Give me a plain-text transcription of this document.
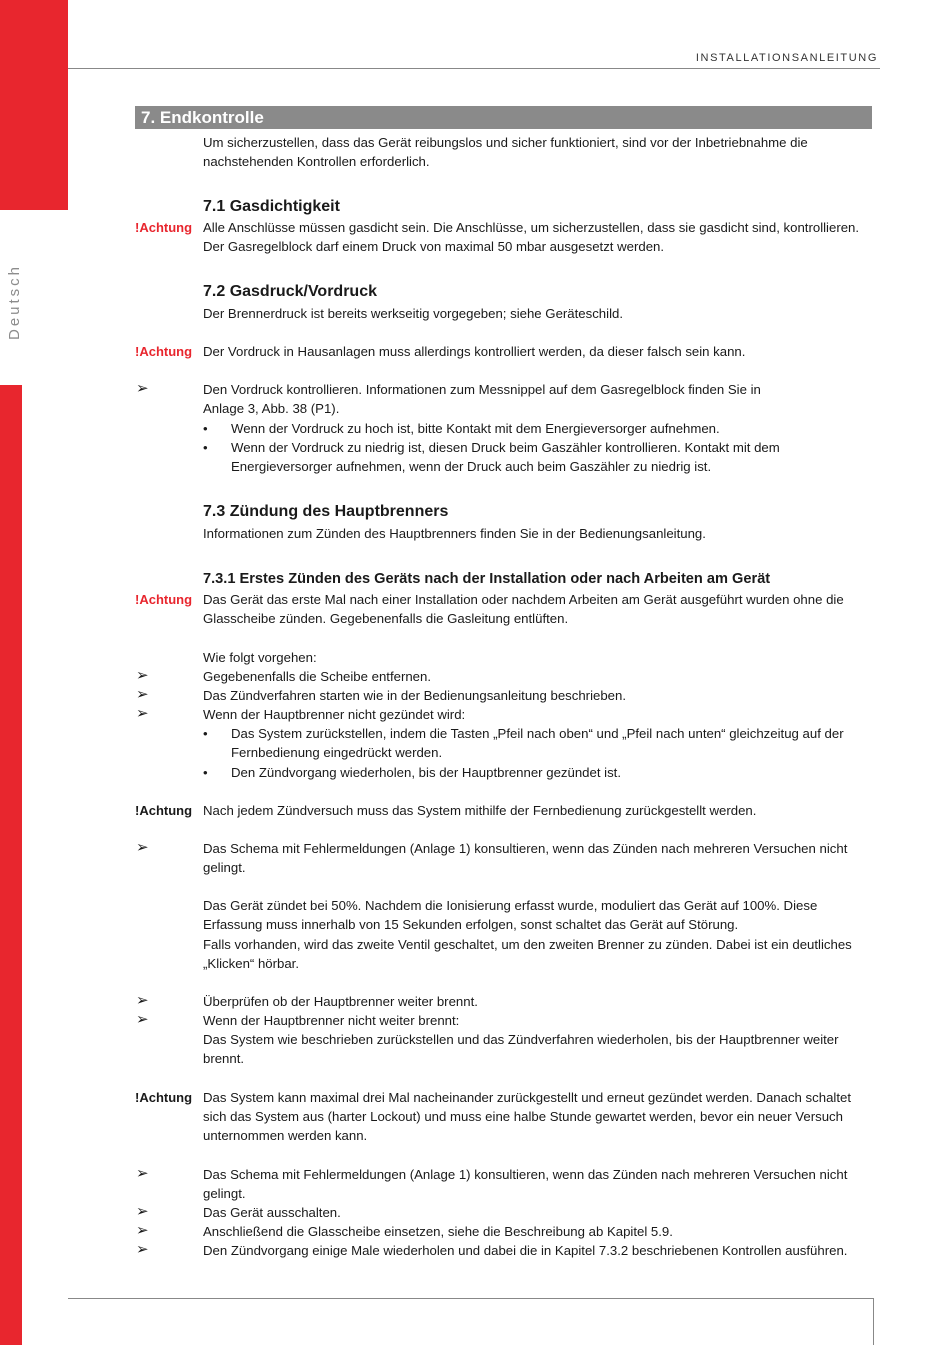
Deutsch
INSTALLATIONSANLEITUNG
7. Endkontrolle
Um sicherzustellen, dass das Gerät reibungslos und sicher funktioniert, sind vor der Inbetriebnahme die nachstehenden Kontrollen erforderlich.
7.1 Gasdichtigkeit
!Achtung Alle Anschlüsse müssen gasdicht sein. Die Anschlüsse, um sicherzustellen, dass sie gasdicht sind, kontrollieren. Der Gasregelblock darf einem Druck von maximal 50 mbar ausgesetzt werden.
7.2 Gasdruck/Vordruck
Der Brennerdruck ist bereits werkseitig vorgegeben; siehe Geräteschild.
!Achtung Der Vordruck in Hausanlagen muss allerdings kontrolliert werden, da dieser falsch sein kann.
➢	Den Vordruck kontrollieren. Informationen zum Messnippel auf dem Gasregelblock finden Sie in Anlage 3, Abb. 38 (P1).
• Wenn der Vordruck zu hoch ist, bitte Kontakt mit dem Energieversorger aufnehmen.
• Wenn der Vordruck zu niedrig ist, diesen Druck beim Gaszähler kontrollieren. Kontakt mit dem Energieversorger aufnehmen, wenn der Druck auch beim Gaszähler zu niedrig ist.
7.3 Zündung des Hauptbrenners
Informationen zum Zünden des Hauptbrenners finden Sie in der Bedienungsanleitung.
7.3.1 Erstes Zünden des Geräts nach der Installation oder nach Arbeiten am Gerät
!Achtung Das Gerät das erste Mal nach einer Installation oder nachdem Arbeiten am Gerät ausgeführt wurden ohne die Glasscheibe zünden. Gegebenenfalls die Gasleitung entlüften.
Wie folgt vorgehen:
➢	Gegebenenfalls die Scheibe entfernen.
➢	Das Zündverfahren starten wie in der Bedienungsanleitung beschrieben.
➢	Wenn der Hauptbrenner nicht gezündet wird:
• Das System zurückstellen, indem die Tasten „Pfeil nach oben“ und „Pfeil nach unten“ gleichzeitug auf der Fernbedienung eingedrückt werden.
• Den Zündvorgang wiederholen, bis der Hauptbrenner gezündet ist.
!Achtung Nach jedem Zündversuch muss das System mithilfe der Fernbedienung zurückgestellt werden.
➢	Das Schema mit Fehlermeldungen (Anlage 1) konsultieren, wenn das Zünden nach mehreren Versuchen nicht gelingt.
Das Gerät zündet bei 50%. Nachdem die Ionisierung erfasst wurde, moduliert das Gerät auf 100%. Diese Erfassung muss innerhalb von 15 Sekunden erfolgen, sonst schaltet das Gerät auf Störung.
Falls vorhanden, wird das zweite Ventil geschaltet, um den zweiten Brenner zu zünden. Dabei ist ein deutliches „Klicken“ hörbar.
➢	Überprüfen ob der Hauptbrenner weiter brennt.
➢	Wenn der Hauptbrenner nicht weiter brennt:
Das System wie beschrieben zurückstellen und das Zündverfahren wiederholen, bis der Hauptbrenner weiter brennt.
!Achtung Das System kann maximal drei Mal nacheinander zurückgestellt und erneut gezündet werden. Danach schaltet sich das System aus (harter Lockout) und muss eine halbe Stunde gewartet werden, bevor ein neuer Versuch unternommen werden kann.
➢	Das Schema mit Fehlermeldungen (Anlage 1) konsultieren, wenn das Zünden nach mehreren Versuchen nicht gelingt.
➢	Das Gerät ausschalten.
➢	Anschließend die Glasscheibe einsetzen, siehe die Beschreibung ab Kapitel 5.9.
➢	Den Zündvorgang einige Male wiederholen und dabei die in Kapitel 7.3.2 beschriebenen Kontrollen ausführen.
18
